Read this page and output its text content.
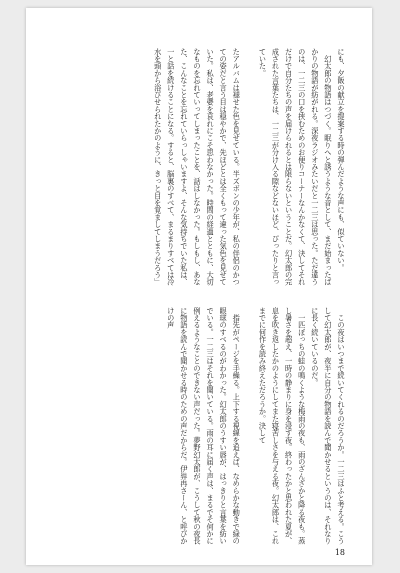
にも、夕飯の献立を提案する時の弾んだような声にも、似ていない。
　幻太郎の物語はつづく。眠りへと誘うような音として、まだ始まったばかりの物語が紡がれる。深夜ラジオみたいだと一二三は思った。ただ違うのは、一二三の口を挟むためのお便りコーナーなんかなくて、決してそれだけで自分たちの声を届けられるとは限らないということだ。幻太郎の完成された言葉たちは、一二三が分け入る隙などないほど、ぴったりと言っていた。

たアルバムは褪せた色を見せている。半ズボンの少年が、私の伴侶のかつての姿だと言う目は穏やかで、先ほどとは全くもって違った気色を見せていた。私は、老婆を哀れにこそ思わなかった。時間の経過とともに、大切なものを忘れていってしまったことを、話はしなかった。もしもし、あなた、こんなことを忘れていらっしゃいますよ、そんな気持ちでいた私は、一と話を続けることになる。すると、脳裏のすべて、まるまりすべては冷水を頭から浴びせられたかのように、きっと目を覚ましてしまうだろう」
　この夜はいつまで続いてくれるのだろうか。一二三はふと考える。こうして幻太郎が、夜半に自分の物語を読んで聞かせるというのは、それなりに長く続いているのだ。
　一匹ぼっちの蛙の鳴くような梅雨の夜も、雨のざんざかと降る夜も。蒸し暑さを超え、一時の静まりに身を浸す夜。終わったかと思われた夏が、息を吹き返したかのようにしてまた寝苦しさを与える夜。幻太郎は、これまでに何作を読み終えただろうか。決して

　指先がページを手繰る。上下する視線を追えば、なめらかな動きで緑の眼球のすべるのがわかった。幻太郎のうすい唇が、はっきりと言葉を紡いでいる。一二三はそれを聞いている。雨の耳に届く声は、まるでそ何かに例えるようなことのできない声だった。夢野幻太郎が、こうして秋の夜長に物語を読んで聞かせる時のための声だからだ。伊弉冉さーん、と呼びかけの声
18
